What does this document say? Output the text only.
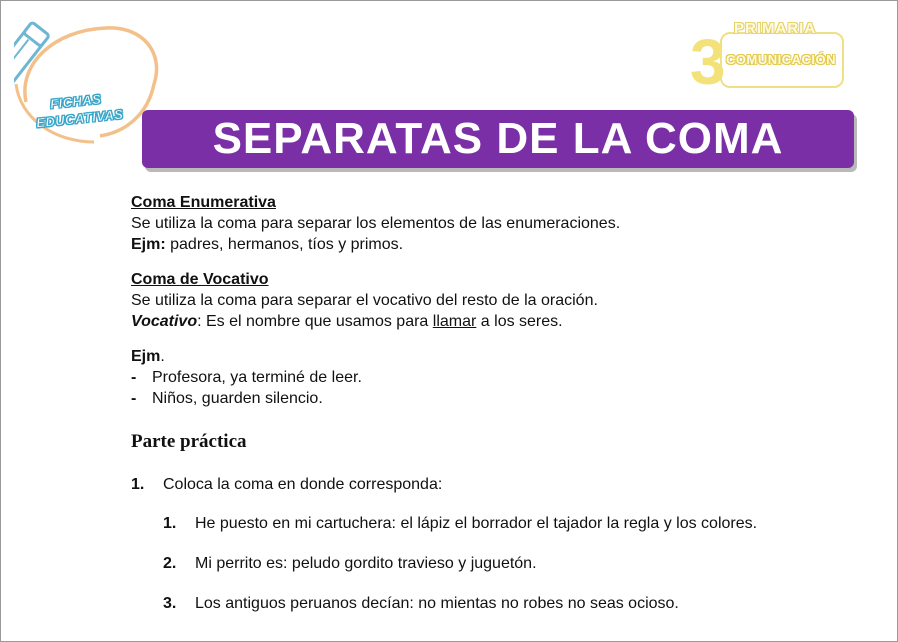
FICHAS
EDUCATIVAS
3 PRIMARIA
COMUNICACIÓN
SEPARATAS DE LA COMA
Coma Enumerativa
Se utiliza la coma para separar los elementos de las enumeraciones.
Ejm: padres, hermanos, tíos y primos.
Coma de Vocativo
Se utiliza la coma para separar el vocativo del resto de la oración.
Vocativo: Es el nombre que usamos para llamar a los seres.
Ejm.
- Profesora, ya terminé de leer.
- Niños, guarden silencio.
Parte práctica
1. Coloca la coma en donde corresponda:
1. He puesto en mi cartuchera: el lápiz el borrador el tajador la regla y los colores.
2. Mi perrito es: peludo gordito travieso y juguetón.
3. Los antiguos peruanos decían: no mientas no robes no seas ocioso.
